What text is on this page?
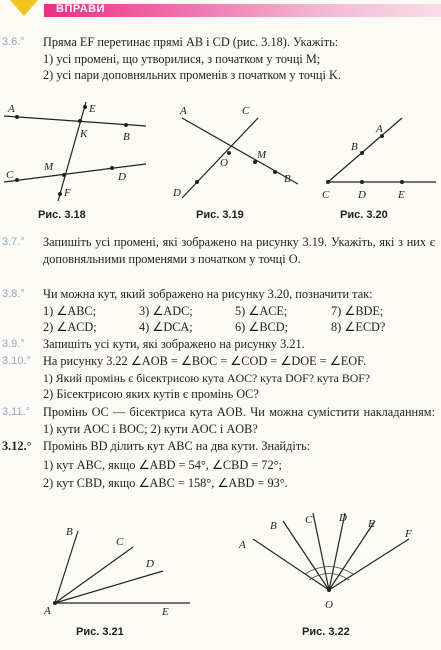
ВПРАВИ
3.6.°	Пряма EF перетинає прямі AB і CD (рис. 3.18). Укажіть:
1) усі промені, що утворилися, з початком у точці M;
2) усі пари доповняльних променів з початком у точці K.
A	E
K	B
C
M
D
F
Рис. 3.18
A	C
O
M
B
D
Рис. 3.19
A
B
C	D	E
Рис. 3.20
3.7.°	Запишіть усі промені, які зображено на рисунку 3.19. Укажіть, які з них є доповняльними променями з початком у точці O.
3.8.°	Чи можна кут, який зображено на рисунку 3.20, позначити так:
1) ∠ABC;	3) ∠ADC;	5) ∠ACE;	7) ∠BDE;
2) ∠ACD;	4) ∠DCA;	6) ∠BCD;	8) ∠ECD?
3.9.°	Запишіть усі кути, які зображено на рисунку 3.21.
3.10.° На рисунку 3.22 ∠AOB = ∠BOC = ∠COD = ∠DOE = ∠EOF.
1) Який промінь є бісектрисою кута AOC? кута DOF? кута BOF?
2) Бісектрисою яких кутів є промінь OC?
3.11.°	Промінь OC — бісектриса кута AOB. Чи можна сумістити накладанням: 1) кути AOC і BOC; 2) кути AOC і AOB?
3.12.° Промінь BD ділить кут ABC на два кути. Знайдіть:
1) кут ABC, якщо ∠ABD = 54°, ∠CBD = 72°;
2) кут CBD, якщо ∠ABC = 158°, ∠ABD = 93°.
B
C
D
A	E
Рис. 3.21
A
B	C D E
F
O
Рис. 3.22
